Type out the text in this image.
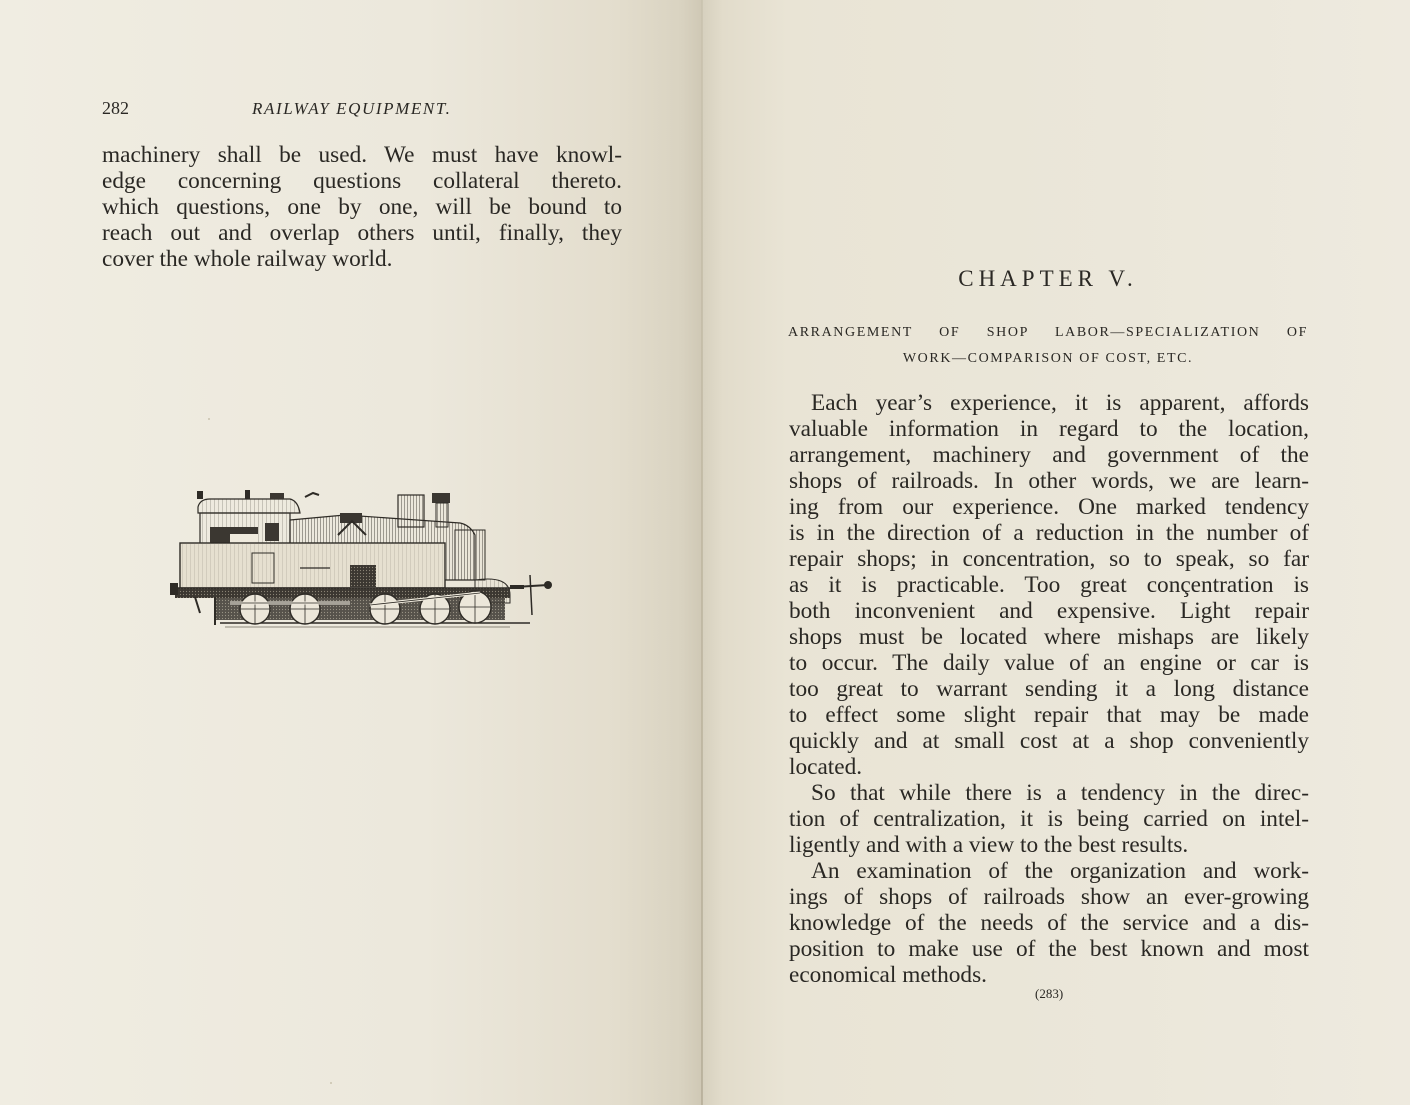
282	RAILWAY EQUIPMENT.
machinery shall be used. We must have knowl-
edge concerning questions collateral thereto.
which questions, one by one, will be bound to
reach out and overlap others until, finally, they
cover the whole railway world.
CHAPTER V.
ARRANGEMENT OF SHOP LABOR—SPECIALIZATION OF
WORK—COMPARISON OF COST, ETC.
Each year’s experience, it is apparent, affords
valuable information in regard to the location,
arrangement, machinery and government of the
shops of railroads. In other words, we are learn-
ing from our experience. One marked tendency
is in the direction of a reduction in the number of
repair shops; in concentration, so to speak, so far
as it is practicable. Too great conçentration is
both inconvenient and expensive. Light repair
shops must be located where mishaps are likely
to occur. The daily value of an engine or car is
too great to warrant sending it a long distance
to effect some slight repair that may be made
quickly and at small cost at a shop conveniently
located.
So that while there is a tendency in the direc-
tion of centralization, it is being carried on intel-
ligently and with a view to the best results.
An examination of the organization and work-
ings of shops of railroads show an ever-growing
knowledge of the needs of the service and a dis-
position to make use of the best known and most
economical methods.
(283)
